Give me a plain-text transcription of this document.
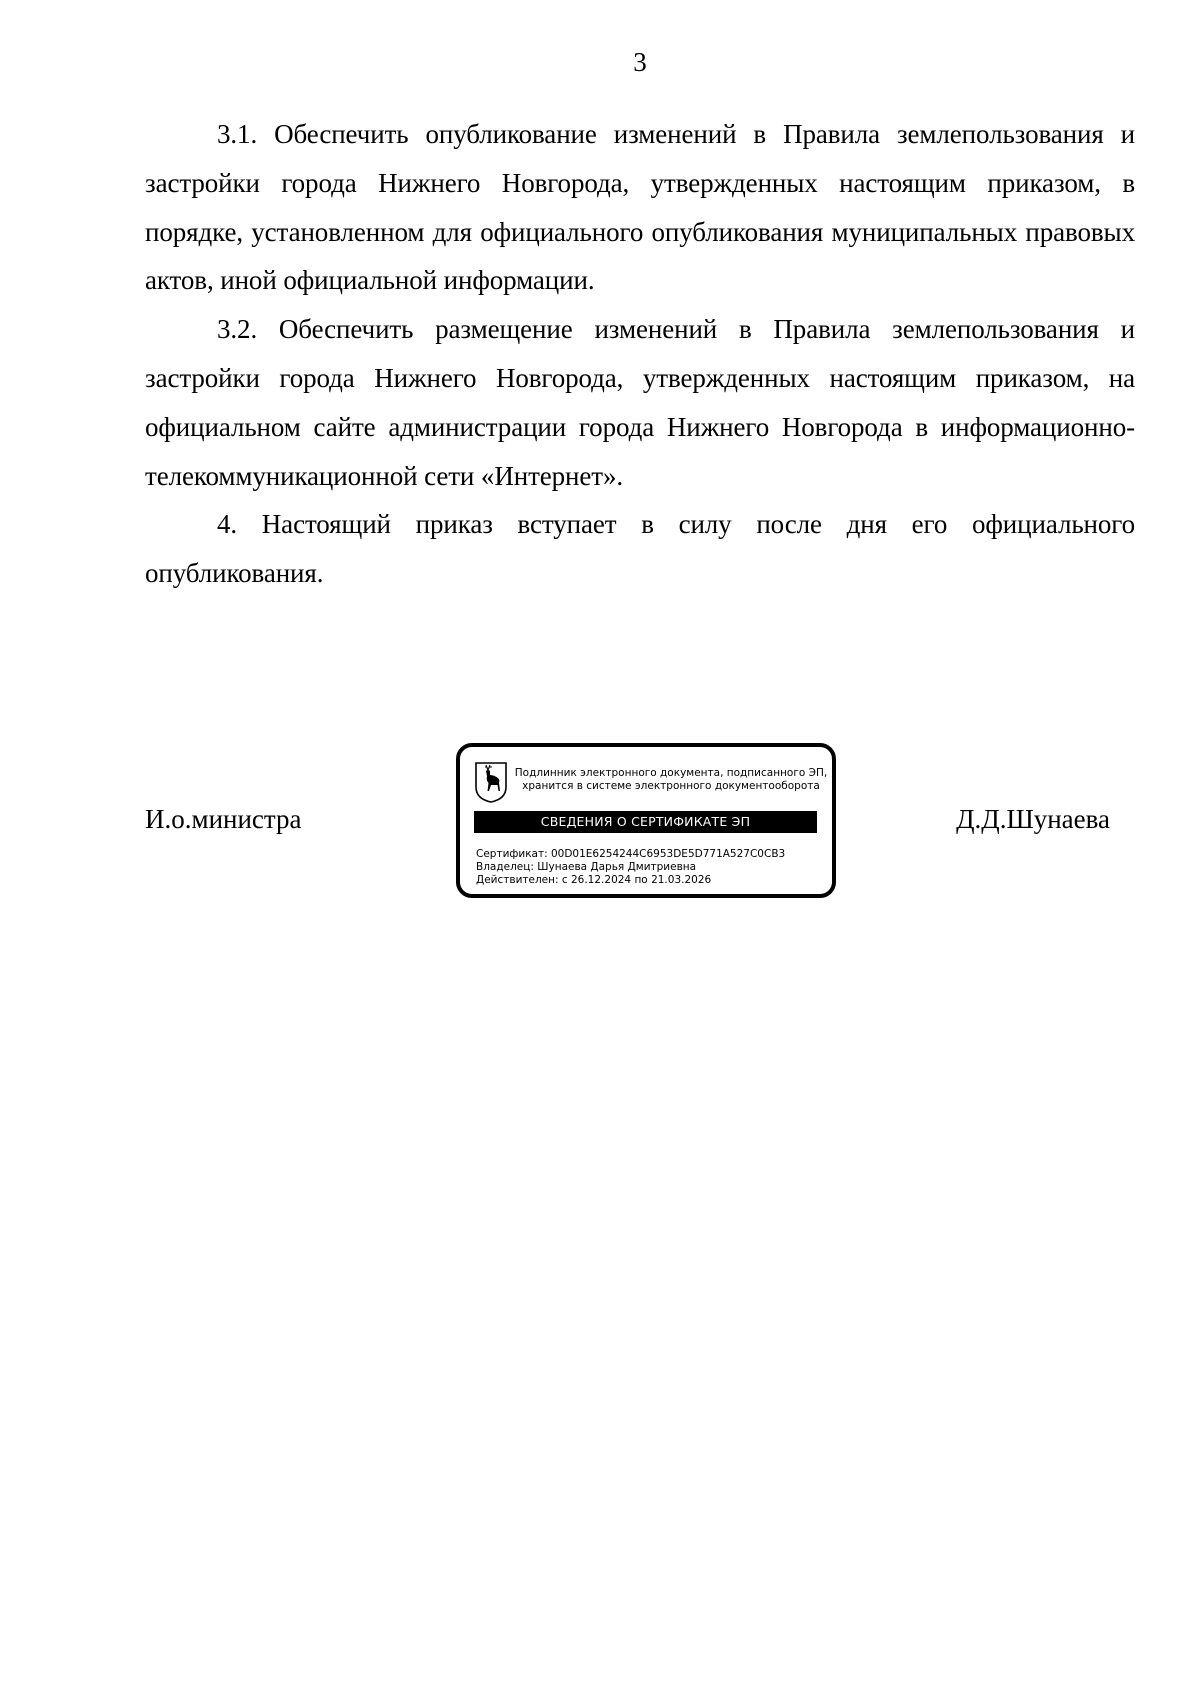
3

3.1. Обеспечить опубликование изменений в Правила землепользования и застройки города Нижнего Новгорода, утвержденных настоящим приказом, в порядке, установленном для официального опубликования муниципальных правовых актов, иной официальной информации.

3.2. Обеспечить размещение изменений в Правила землепользования и застройки города Нижнего Новгорода, утвержденных настоящим приказом, на официальном сайте администрации города Нижнего Новгорода в информационно-телекоммуникационной сети «Интернет».

4. Настоящий приказ вступает в силу после дня его официального опубликования.

И.о.министра
Подлинник электронного документа, подписанного ЭП,
хранится в системе электронного документооборота
СВЕДЕНИЯ О СЕРТИФИКАТЕ ЭП
Сертификат: 00D01E6254244C6953DE5D771A527C0CB3
Владелец: Шунаева Дарья Дмитриевна
Действителен: с 26.12.2024 по 21.03.2026
Д.Д.Шунаева
